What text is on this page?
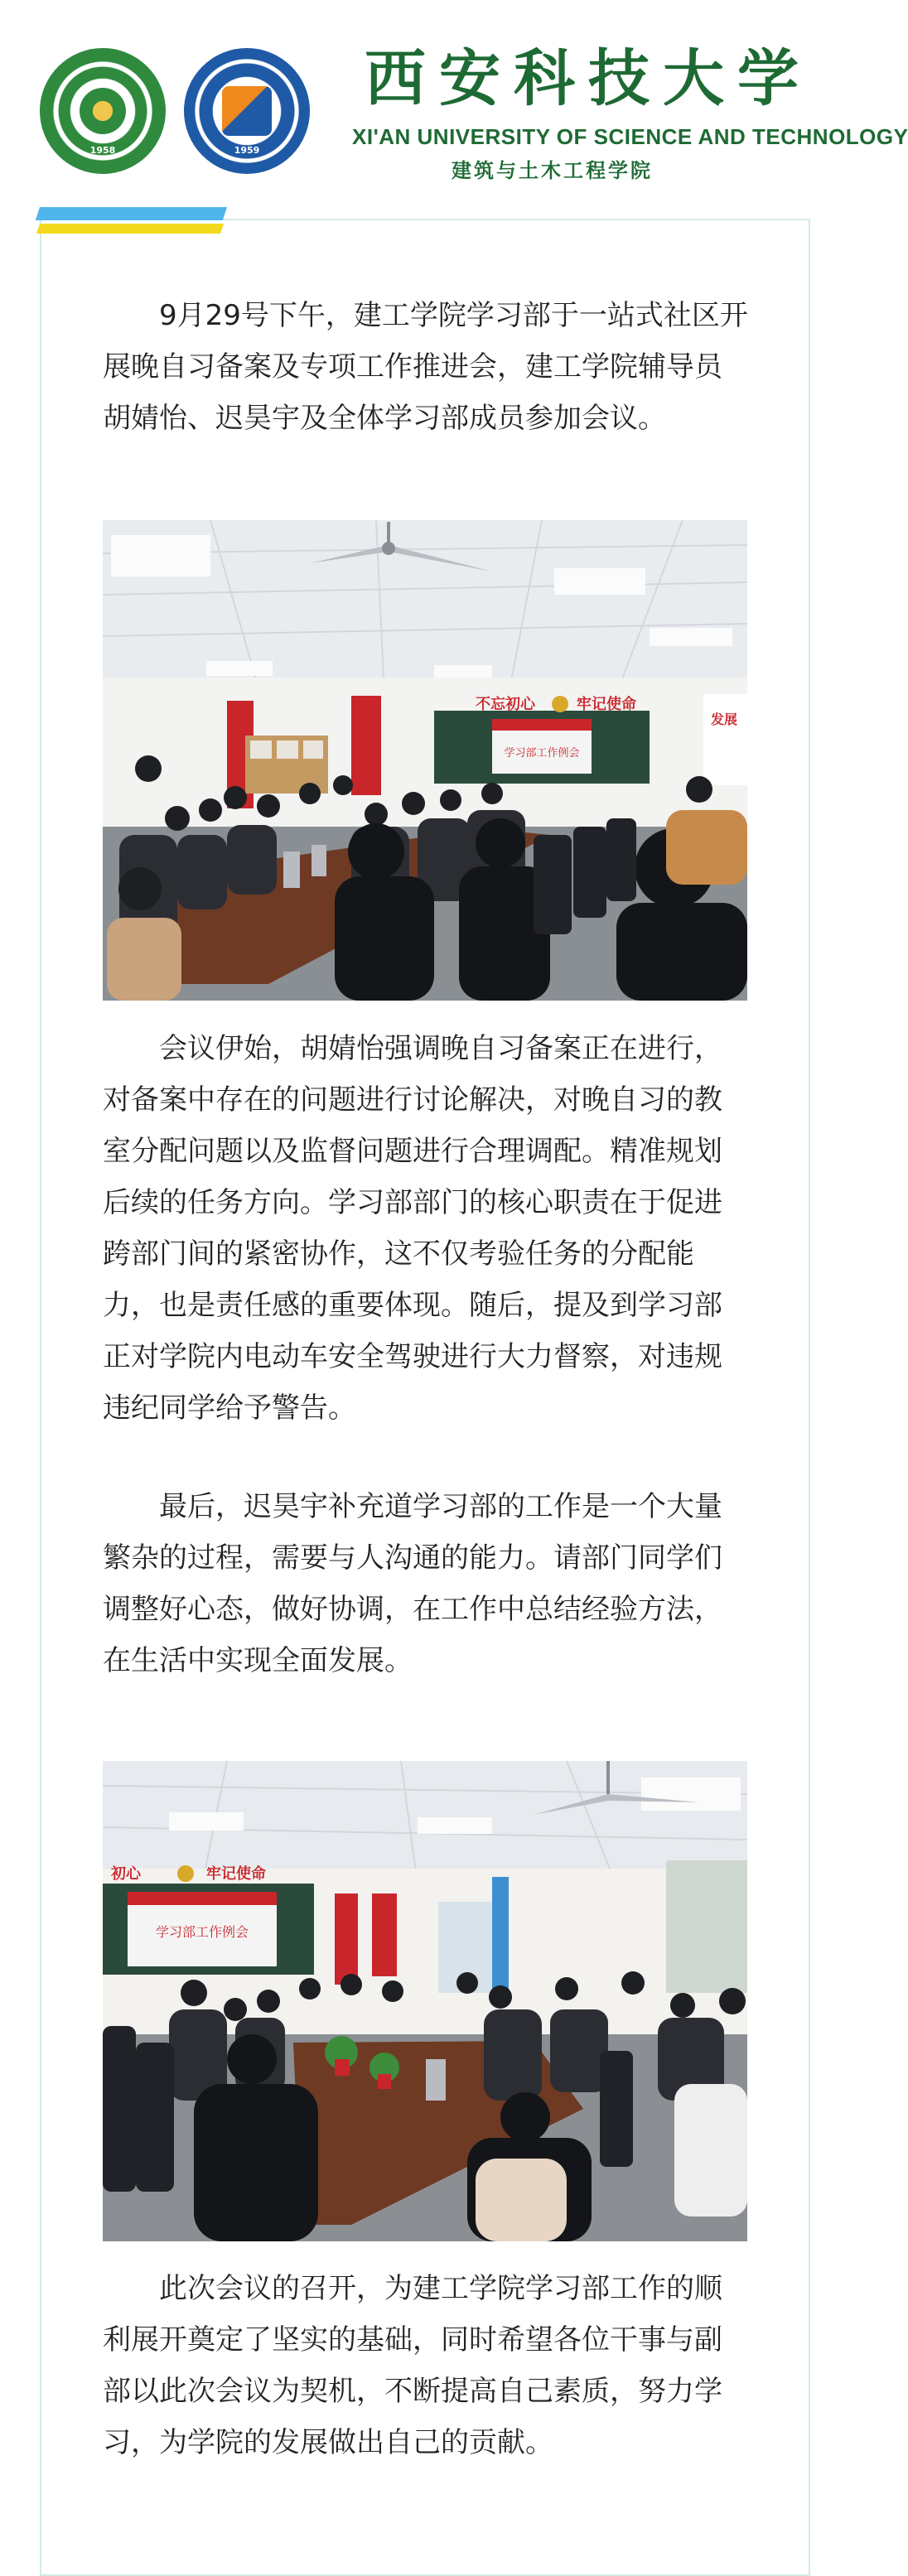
1958	1959
西安科技大学
XI'AN UNIVERSITY OF SCIENCE AND TECHNOLOGY
建筑与土木工程学院

9月29号下午，建工学院学习部于一站式社区开展晚自习备案及专项工作推进会，建工学院辅导员胡婧怡、迟昊宇及全体学习部成员参加会议。

学习部工作例会
不忘初心	牢记使命
发展

会议伊始，胡婧怡强调晚自习备案正在进行，对备案中存在的问题进行讨论解决，对晚自习的教室分配问题以及监督问题进行合理调配。精准规划后续的任务方向。学习部部门的核心职责在于促进跨部门间的紧密协作，这不仅考验任务的分配能力，也是责任感的重要体现。随后，提及到学习部正对学院内电动车安全驾驶进行大力督察，对违规违纪同学给予警告。

最后，迟昊宇补充道学习部的工作是一个大量繁杂的过程，需要与人沟通的能力。请部门同学们调整好心态，做好协调，在工作中总结经验方法，在生活中实现全面发展。

初心	牢记使命
学习部工作例会

此次会议的召开，为建工学院学习部工作的顺利展开奠定了坚实的基础，同时希望各位干事与副部以此次会议为契机，不断提高自己素质，努力学习，为学院的发展做出自己的贡献。
